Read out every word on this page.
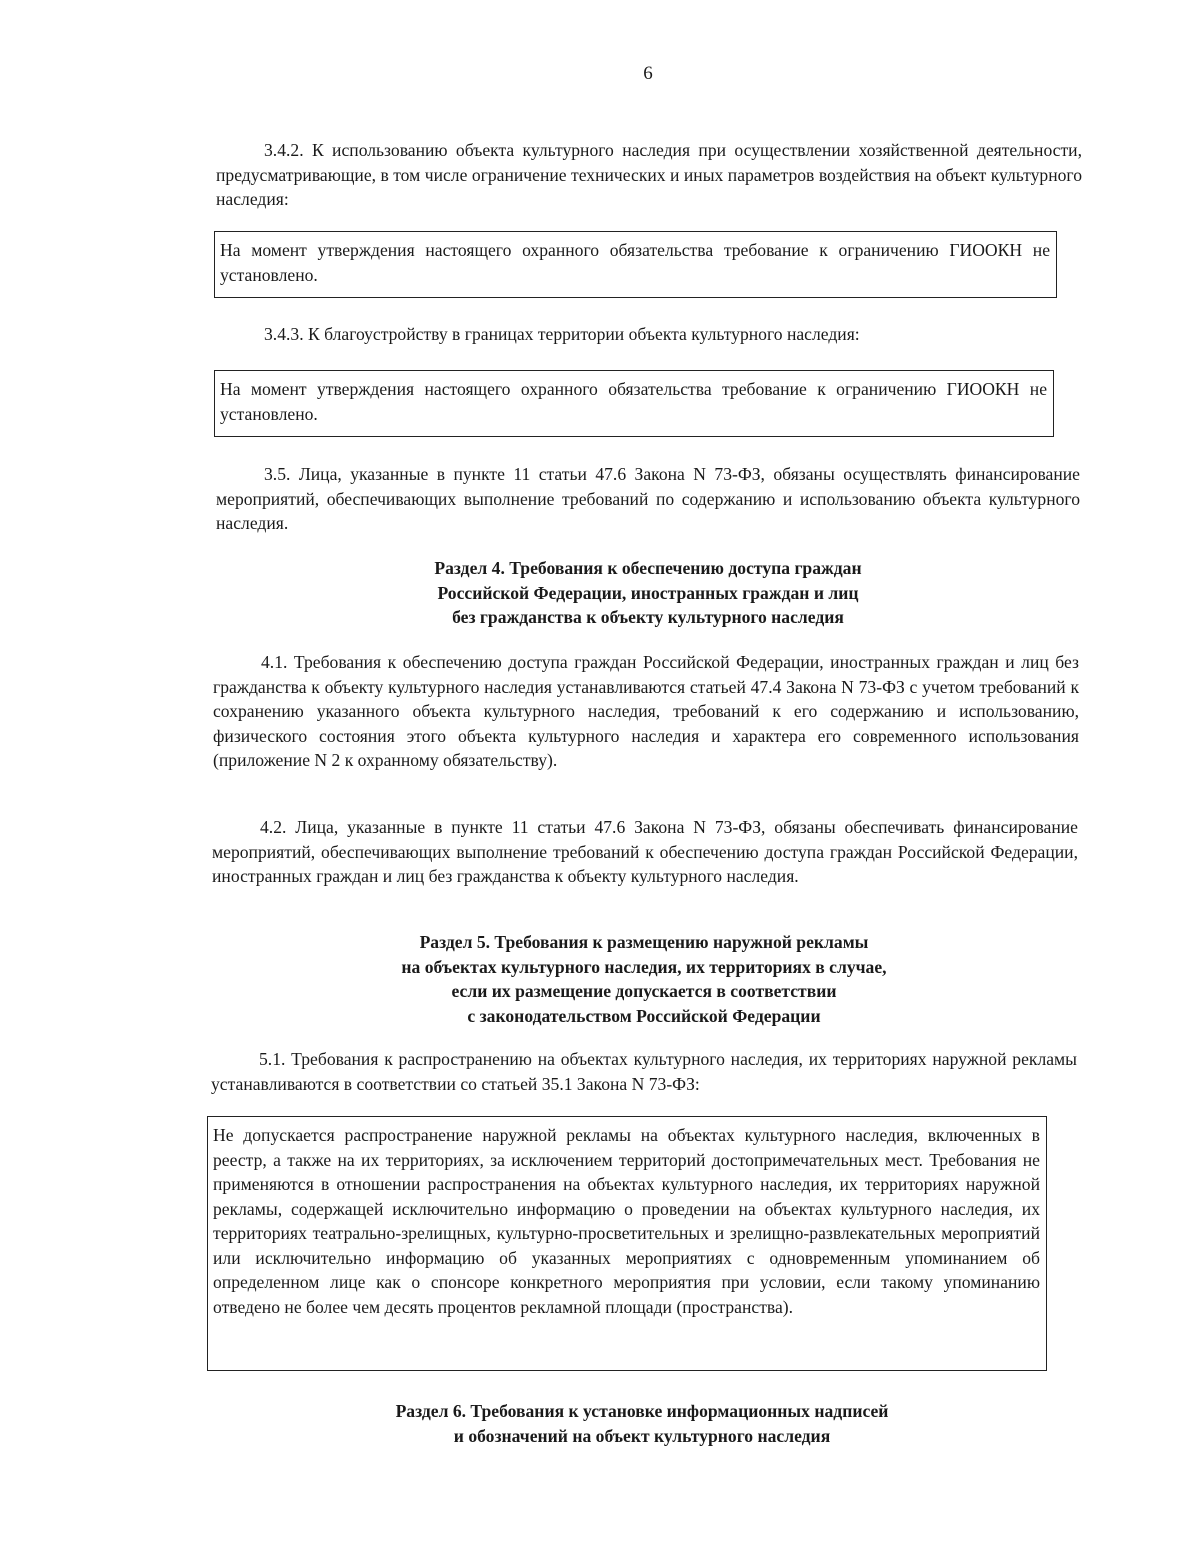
6

3.4.2. К использованию объекта культурного наследия при осуществлении хозяйственной деятельности, предусматривающие, в том числе ограничение технических и иных параметров воздействия на объект культурного наследия:

На момент утверждения настоящего охранного обязательства требование к ограничению ГИООКН не установлено.

3.4.3. К благоустройству в границах территории объекта культурного наследия:

На момент утверждения настоящего охранного обязательства требование к ограничению ГИООКН не установлено.

3.5. Лица, указанные в пункте 11 статьи 47.6 Закона N 73-ФЗ, обязаны осуществлять финансирование мероприятий, обеспечивающих выполнение требований по содержанию и использованию объекта культурного наследия.

Раздел 4. Требования к обеспечению доступа граждан
Российской Федерации, иностранных граждан и лиц
без гражданства к объекту культурного наследия

4.1. Требования к обеспечению доступа граждан Российской Федерации, иностранных граждан и лиц без гражданства к объекту культурного наследия устанавливаются статьей 47.4 Закона N 73-ФЗ с учетом требований к сохранению указанного объекта культурного наследия, требований к его содержанию и использованию, физического состояния этого объекта культурного наследия и характера его современного использования (приложение N 2 к охранному обязательству).

4.2. Лица, указанные в пункте 11 статьи 47.6 Закона N 73-ФЗ, обязаны обеспечивать финансирование мероприятий, обеспечивающих выполнение требований к обеспечению доступа граждан Российской Федерации, иностранных граждан и лиц без гражданства к объекту культурного наследия.

Раздел 5. Требования к размещению наружной рекламы
на объектах культурного наследия, их территориях в случае,
если их размещение допускается в соответствии
с законодательством Российской Федерации

5.1. Требования к распространению на объектах культурного наследия, их территориях наружной рекламы устанавливаются в соответствии со статьей 35.1 Закона N 73-ФЗ:

Не допускается распространение наружной рекламы на объектах культурного наследия, включенных в реестр, а также на их территориях, за исключением территорий достопримечательных мест. Требования не применяются в отношении распространения на объектах культурного наследия, их территориях наружной рекламы, содержащей исключительно информацию о проведении на объектах культурного наследия, их территориях театрально-зрелищных, культурно-просветительных и зрелищно-развлекательных мероприятий или исключительно информацию об указанных мероприятиях с одновременным упоминанием об определенном лице как о спонсоре конкретного мероприятия при условии, если такому упоминанию отведено не более чем десять процентов рекламной площади (пространства).
Раздел 6. Требования к установке информационных надписей
и обозначений на объект культурного наследия
